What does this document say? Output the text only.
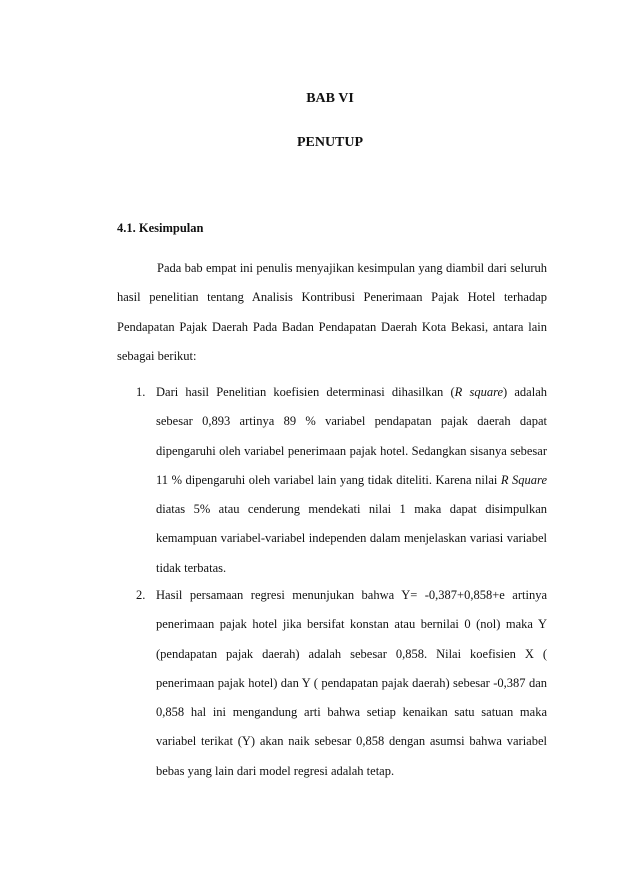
BAB VI
PENUTUP
4.1. Kesimpulan

Pada bab empat ini penulis menyajikan kesimpulan yang diambil dari seluruh hasil penelitian tentang Analisis Kontribusi Penerimaan Pajak Hotel terhadap Pendapatan Pajak Daerah Pada Badan Pendapatan Daerah Kota Bekasi, antara lain sebagai berikut:

1. Dari hasil Penelitian koefisien determinasi dihasilkan (R square) adalah sebesar 0,893 artinya 89 % variabel pendapatan pajak daerah dapat dipengaruhi oleh variabel penerimaan pajak hotel. Sedangkan sisanya sebesar 11 % dipengaruhi oleh variabel lain yang tidak diteliti. Karena nilai R Square diatas 5% atau cenderung mendekati nilai 1 maka dapat disimpulkan kemampuan variabel-variabel independen dalam menjelaskan variasi variabel tidak terbatas.
2. Hasil persamaan regresi menunjukan bahwa Y= -0,387+0,858+e artinya penerimaan pajak hotel jika bersifat konstan atau bernilai 0 (nol) maka Y (pendapatan pajak daerah) adalah sebesar 0,858. Nilai koefisien X ( penerimaan pajak hotel) dan Y ( pendapatan pajak daerah) sebesar -0,387 dan 0,858 hal ini mengandung arti bahwa setiap kenaikan satu satuan maka variabel terikat (Y) akan naik sebesar 0,858 dengan asumsi bahwa variabel bebas yang lain dari model regresi adalah tetap.
